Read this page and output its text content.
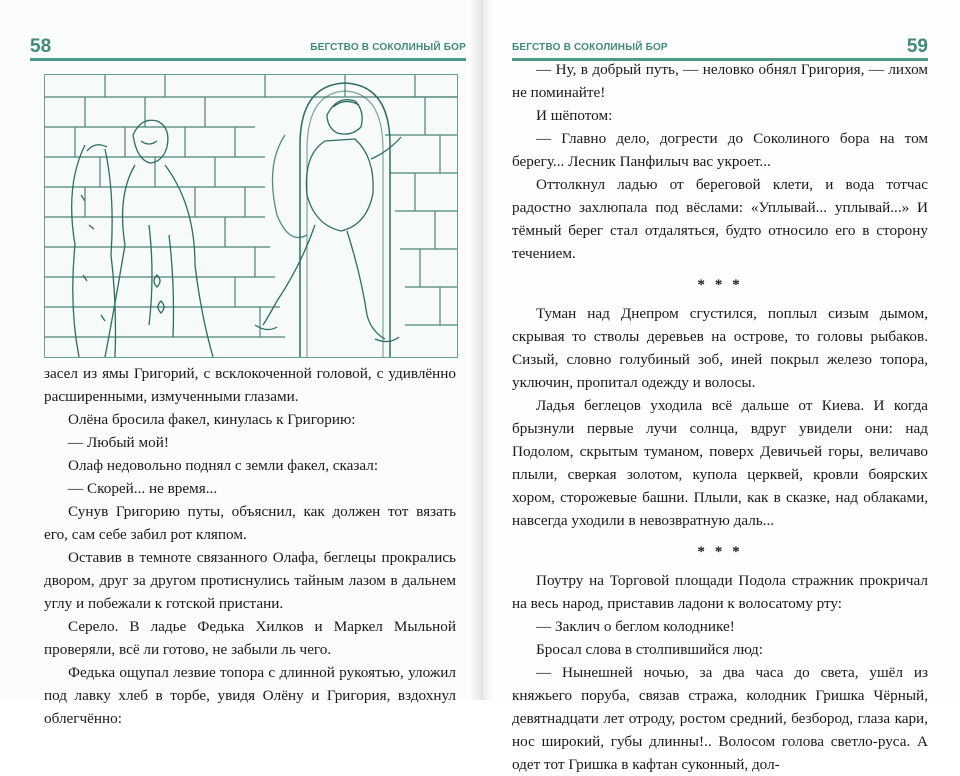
58	БЕГСТВО В СОКОЛИНЫЙ БОР

засел из ямы Григорий, с всклокоченной головой, с удивлённо расширенными, измученными глазами.

Олёна бросила факел, кинулась к Григорию:

— Любый мой!

Олаф недовольно поднял с земли факел, сказал:

— Скорей... не время...

Сунув Григорию путы, объяснил, как должен тот вязать его, сам себе забил рот кляпом.

Оставив в темноте связанного Олафа, беглецы прокрались двором, друг за другом протиснулись тайным лазом в дальнем углу и побежали к готской пристани.

Серело. В ладье Федька Хилков и Маркел Мыльной проверяли, всё ли готово, не забыли ль чего.

Федька ощупал лезвие топора с длинной рукоятью, уложил под лавку хлеб в торбе, увидя Олёну и Григория, вздохнул облегчённо:

БЕГСТВО В СОКОЛИНЫЙ БОР	59

— Ну, в добрый путь, — неловко обнял Григория, — лихом не поминайте!

И шёпотом:

— Главно дело, догрести до Соколиного бора на том берегу... Лесник Панфилыч вас укроет...

Оттолкнул ладью от береговой клети, и вода тотчас радостно захлюпала под вёслами: «Уплывай... уплывай...» И тёмный берег стал отдаляться, будто относило его в сторону течением.

* * *

Туман над Днепром сгустился, поплыл сизым дымом, скрывая то стволы деревьев на острове, то головы рыбаков. Сизый, словно голубиный зоб, иней покрыл железо топора, уключин, пропитал одежду и волосы.

Ладья беглецов уходила всё дальше от Киева. И когда брызнули первые лучи солнца, вдруг увидели они: над Подолом, скрытым туманом, поверх Девичьей горы, величаво плыли, сверкая золотом, купола церквей, кровли боярских хором, сторожевые башни. Плыли, как в сказке, над облаками, навсегда уходили в невозвратную даль...

* * *

Поутру на Торговой площади Подола стражник прокричал на весь народ, приставив ладони к волосатому рту:

— Заклич о беглом колоднике!

Бросал слова в столпившийся люд:

— Нынешней ночью, за два часа до света, ушёл из княжьего поруба, связав стража, колодник Гришка Чёрный, девятнадцати лет отроду, ростом средний, безбород, глаза кари, нос широкий, губы длинны!.. Волосом голова светло-руса. А одет тот Гришка в кафтан суконный, дол-
